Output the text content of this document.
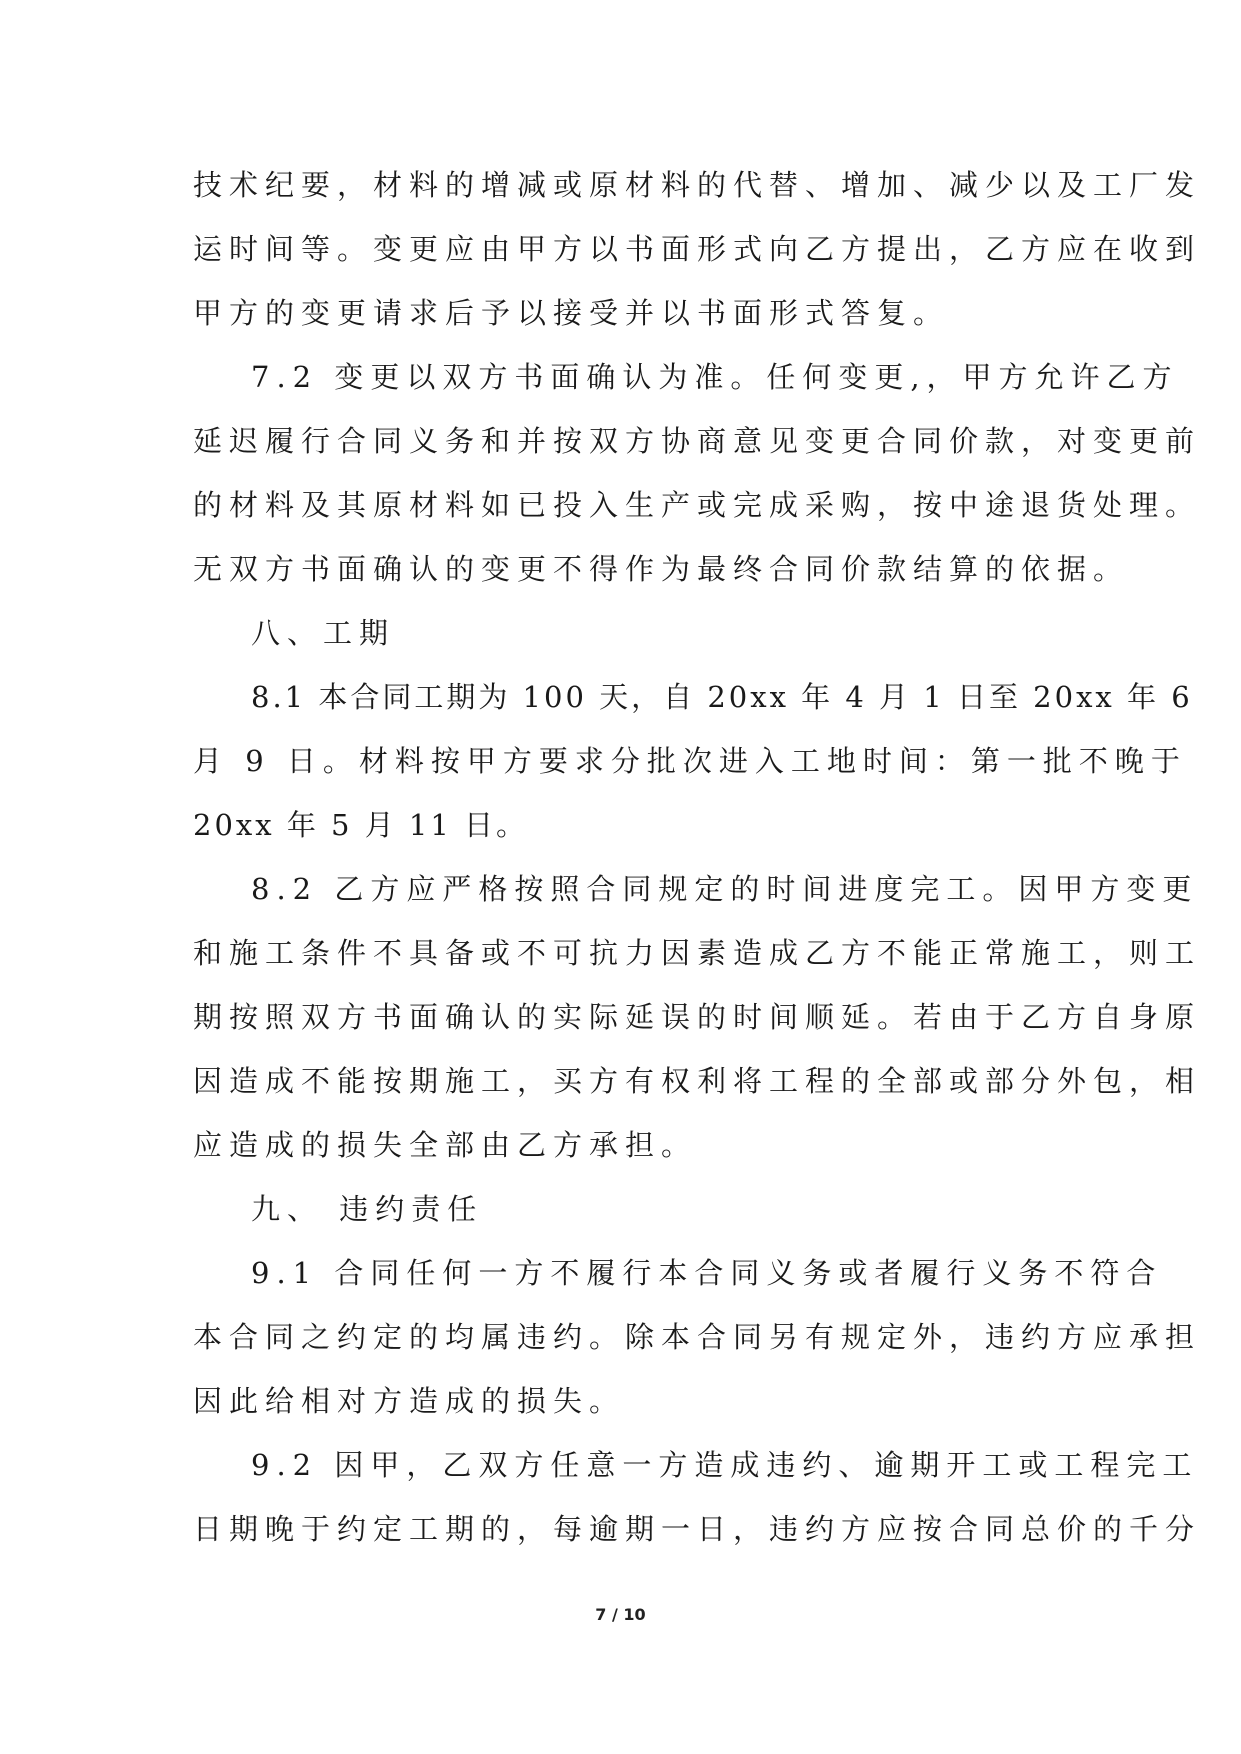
技术纪要，材料的增减或原材料的代替、增加、减少以及工厂发
运时间等。变更应由甲方以书面形式向乙方提出，乙方应在收到
甲方的变更请求后予以接受并以书面形式答复。
7.2 变更以双方书面确认为准。任何变更,，甲方允许乙方
延迟履行合同义务和并按双方协商意见变更合同价款，对变更前
的材料及其原材料如已投入生产或完成采购，按中途退货处理。
无双方书面确认的变更不得作为最终合同价款结算的依据。
八、工期
8.1 本合同工期为 100 天，自 20xx 年 4 月 1 日至 20xx 年 6
月 9 日。材料按甲方要求分批次进入工地时间：第一批不晚于
20xx 年 5 月 11 日。
8.2 乙方应严格按照合同规定的时间进度完工。因甲方变更
和施工条件不具备或不可抗力因素造成乙方不能正常施工，则工
期按照双方书面确认的实际延误的时间顺延。若由于乙方自身原
因造成不能按期施工，买方有权利将工程的全部或部分外包，相
应造成的损失全部由乙方承担。
九、 违约责任
9.1 合同任何一方不履行本合同义务或者履行义务不符合
本合同之约定的均属违约。除本合同另有规定外，违约方应承担
因此给相对方造成的损失。
9.2 因甲，乙双方任意一方造成违约、逾期开工或工程完工
日期晚于约定工期的，每逾期一日，违约方应按合同总价的千分
7 / 10
